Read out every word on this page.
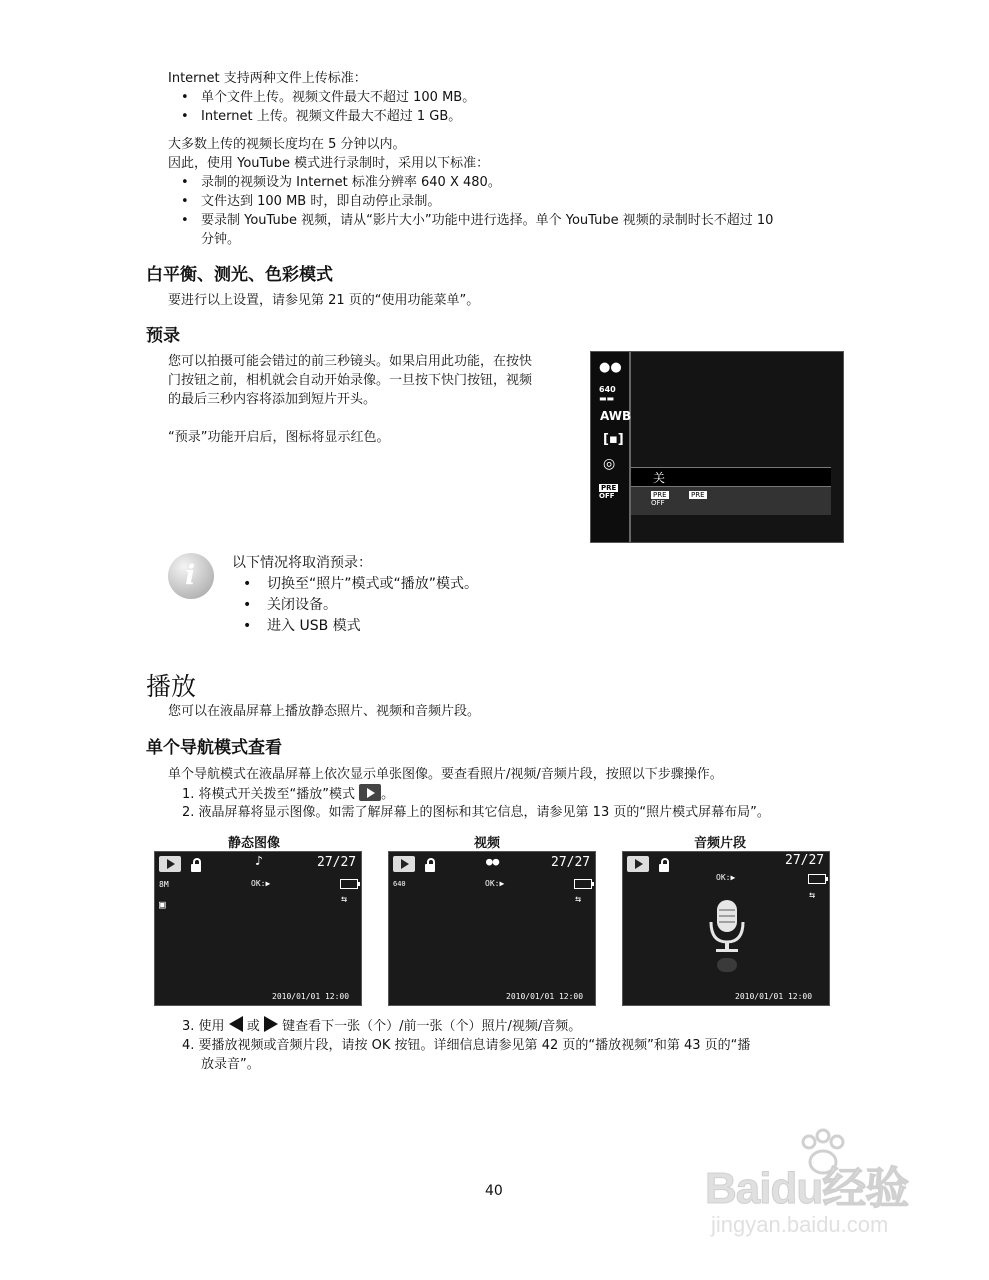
Internet 支持两种文件上传标准：
• 单个文件上传。视频文件最大不超过 100 MB。
• Internet 上传。视频文件最大不超过 1 GB。
大多数上传的视频长度均在 5 分钟以内。
因此，使用 YouTube 模式进行录制时，采用以下标准：
• 录制的视频设为 Internet 标准分辨率 640 X 480。
• 文件达到 100 MB 时，即自动停止录制。
• 要录制 YouTube 视频，请从“影片大小”功能中进行选择。单个 YouTube 视频的录制时长不超过 10
分钟。
白平衡、测光、色彩模式
要进行以上设置，请参见第 21 页的“使用功能菜单”。
预录
您可以拍摄可能会错过的前三秒镜头。如果启用此功能，在按快
门按钮之前，相机就会自动开始录像。一旦按下快门按钮，视频
的最后三秒内容将添加到短片开头。
“预录”功能开启后，图标将显示红色。
●●
640
▬▬
AWB
[▪]
◎
PRE
OFF
关
PRE
OFF
PRE
i	以下情况将取消预录：
• 切换至“照片”模式或“播放”模式。
• 关闭设备。
• 进入 USB 模式
播放
您可以在液晶屏幕上播放静态照片、视频和音频片段。
单个导航模式查看
单个导航模式在液晶屏幕上依次显示单张图像。要查看照片/视频/音频片段，按照以下步骤操作。
1. 将模式开关拨至“播放”模式 。
2. 液晶屏幕将显示图像。如需了解屏幕上的图标和其它信息，请参见第 13 页的“照片模式屏幕布局”。
静态图像	视频	音频片段
♪	27/27
OK:▶
8M
▣	⇆
2010/01/01 12:00
●●	27/27
OK:▶
640
⇆
2010/01/01 12:00
27/27
OK:▶
⇆
2010/01/01 12:00
3. 使用 或 键查看下一张（个）/前一张（个）照片/视频/音频。
4. 要播放视频或音频片段，请按 OK 按钮。详细信息请参见第 42 页的“播放视频”和第 43 页的“播
放录音”。
40	Baidu经验
jingyan.baidu.com
